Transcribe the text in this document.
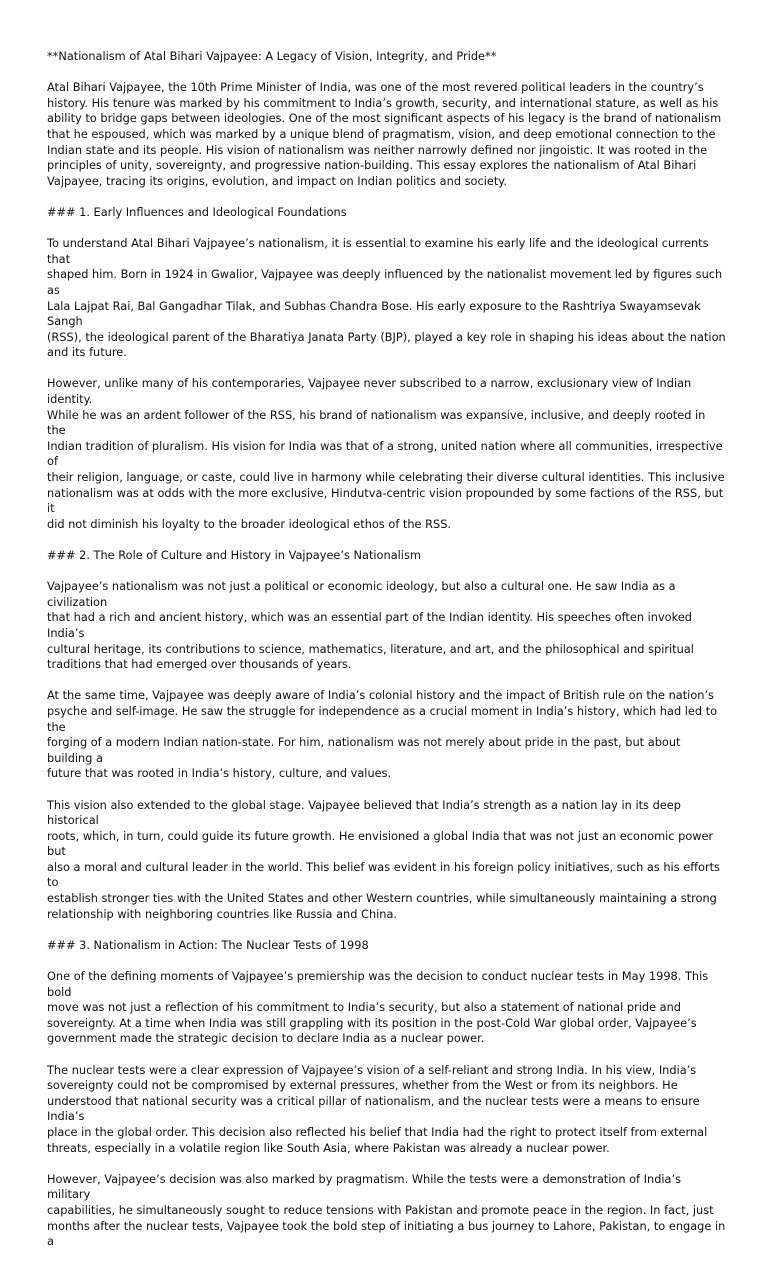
**Nationalism of Atal Bihari Vajpayee: A Legacy of Vision, Integrity, and Pride**
Atal Bihari Vajpayee, the 10th Prime Minister of India, was one of the most revered political leaders in the country’s
history. His tenure was marked by his commitment to India’s growth, security, and international stature, as well as his
ability to bridge gaps between ideologies. One of the most significant aspects of his legacy is the brand of nationalism
that he espoused, which was marked by a unique blend of pragmatism, vision, and deep emotional connection to the
Indian state and its people. His vision of nationalism was neither narrowly defined nor jingoistic. It was rooted in the
principles of unity, sovereignty, and progressive nation-building. This essay explores the nationalism of Atal Bihari
Vajpayee, tracing its origins, evolution, and impact on Indian politics and society.
### 1. Early Influences and Ideological Foundations
To understand Atal Bihari Vajpayee’s nationalism, it is essential to examine his early life and the ideological currents that
shaped him. Born in 1924 in Gwalior, Vajpayee was deeply influenced by the nationalist movement led by figures such as
Lala Lajpat Rai, Bal Gangadhar Tilak, and Subhas Chandra Bose. His early exposure to the Rashtriya Swayamsevak Sangh
(RSS), the ideological parent of the Bharatiya Janata Party (BJP), played a key role in shaping his ideas about the nation
and its future.
However, unlike many of his contemporaries, Vajpayee never subscribed to a narrow, exclusionary view of Indian identity.
While he was an ardent follower of the RSS, his brand of nationalism was expansive, inclusive, and deeply rooted in the
Indian tradition of pluralism. His vision for India was that of a strong, united nation where all communities, irrespective of
their religion, language, or caste, could live in harmony while celebrating their diverse cultural identities. This inclusive
nationalism was at odds with the more exclusive, Hindutva-centric vision propounded by some factions of the RSS, but it
did not diminish his loyalty to the broader ideological ethos of the RSS.
### 2. The Role of Culture and History in Vajpayee’s Nationalism
Vajpayee’s nationalism was not just a political or economic ideology, but also a cultural one. He saw India as a civilization
that had a rich and ancient history, which was an essential part of the Indian identity. His speeches often invoked India’s
cultural heritage, its contributions to science, mathematics, literature, and art, and the philosophical and spiritual
traditions that had emerged over thousands of years.
At the same time, Vajpayee was deeply aware of India’s colonial history and the impact of British rule on the nation’s
psyche and self-image. He saw the struggle for independence as a crucial moment in India’s history, which had led to the
forging of a modern Indian nation-state. For him, nationalism was not merely about pride in the past, but about building a
future that was rooted in India’s history, culture, and values.
This vision also extended to the global stage. Vajpayee believed that India’s strength as a nation lay in its deep historical
roots, which, in turn, could guide its future growth. He envisioned a global India that was not just an economic power but
also a moral and cultural leader in the world. This belief was evident in his foreign policy initiatives, such as his efforts to
establish stronger ties with the United States and other Western countries, while simultaneously maintaining a strong
relationship with neighboring countries like Russia and China.
### 3. Nationalism in Action: The Nuclear Tests of 1998
One of the defining moments of Vajpayee’s premiership was the decision to conduct nuclear tests in May 1998. This bold
move was not just a reflection of his commitment to India’s security, but also a statement of national pride and
sovereignty. At a time when India was still grappling with its position in the post-Cold War global order, Vajpayee’s
government made the strategic decision to declare India as a nuclear power.
The nuclear tests were a clear expression of Vajpayee’s vision of a self-reliant and strong India. In his view, India’s
sovereignty could not be compromised by external pressures, whether from the West or from its neighbors. He
understood that national security was a critical pillar of nationalism, and the nuclear tests were a means to ensure India’s
place in the global order. This decision also reflected his belief that India had the right to protect itself from external
threats, especially in a volatile region like South Asia, where Pakistan was already a nuclear power.
However, Vajpayee’s decision was also marked by pragmatism. While the tests were a demonstration of India’s military
capabilities, he simultaneously sought to reduce tensions with Pakistan and promote peace in the region. In fact, just
months after the nuclear tests, Vajpayee took the bold step of initiating a bus journey to Lahore, Pakistan, to engage in a
